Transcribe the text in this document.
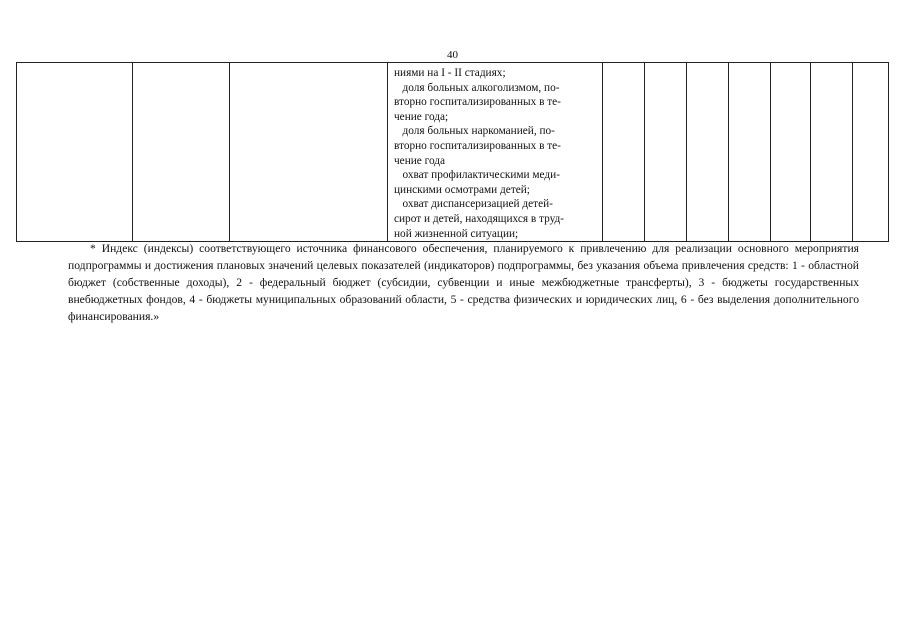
40

ниями на I - II стадиях;
доля больных алкоголизмом, по-
вторно госпитализированных в те-
чение года;
доля больных наркоманией, по-
вторно госпитализированных в те-
чение года
охват профилактическими меди-
цинскими осмотрами детей;
охват диспансеризацией детей-
сирот и детей, находящихся в труд-
ной жизненной ситуации;

* Индекс (индексы) соответствующего источника финансового обеспечения, планируемого к привлечению для реализации основного мероприятия подпрограммы и достижения плановых значений целевых показателей (индикаторов) подпрограммы, без указания объема привлечения средств: 1 - областной бюджет (собственные доходы), 2 - федеральный бюджет (субсидии, субвенции и иные межбюджетные трансферты), 3 - бюджеты государственных внебюджетных фондов, 4 - бюджеты муниципальных образований области, 5 - средства физических и юридических лиц, 6 - без выделения дополнительного финансирования.»
